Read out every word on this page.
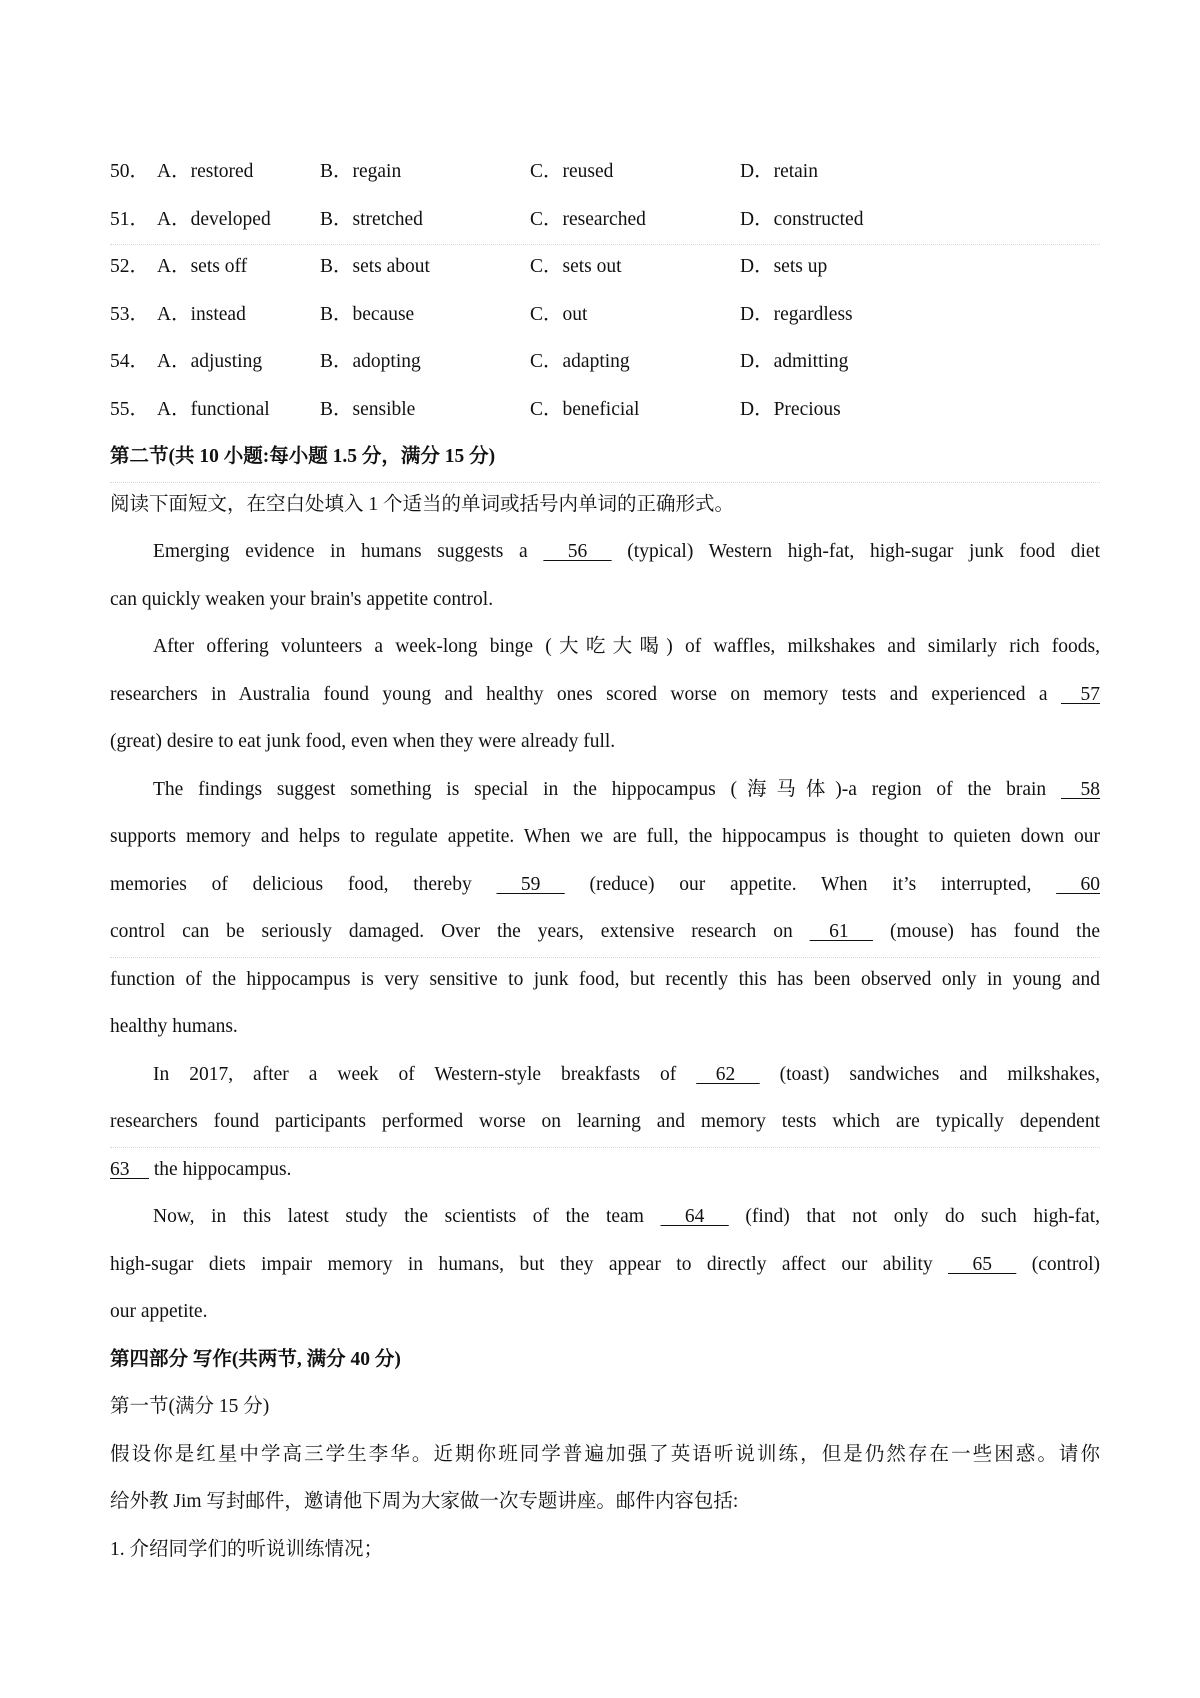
50． A．restored	B．regain	C．reused	D．retain
51． A．developed	B．stretched	C．researched	D．constructed
52． A．sets off	B．sets about	C．sets out	D．sets up
53． A．instead	B．because	C．out	D．regardless
54． A．adjusting	B．adopting	C．adapting	D．admitting
55． A．functional	B．sensible	C．beneficial	D．Precious
第二节(共 10 小题:每小题 1.5 分，满分 15 分)
阅读下面短文，在空白处填入 1 个适当的单词或括号内单词的正确形式。
Emerging evidence in humans suggests a      56      (typical) Western high-fat, high-sugar junk food diet
can quickly weaken your brain's appetite control.
After offering volunteers a week-long binge (大吃大喝) of waffles, milkshakes and similarly rich foods,
researchers in Australia found young and healthy ones scored worse on memory tests and experienced a     57
(great) desire to eat junk food, even when they were already full.
The findings suggest something is special in the hippocampus (海马体)-a region of the brain     58
supports memory and helps to regulate appetite. When we are full, the hippocampus is thought to quieten down our
memories of delicious food, thereby      59      (reduce) our appetite. When it’s interrupted,      60
control can be seriously damaged. Over the years, extensive research on     61      (mouse) has found the
function of the hippocampus is very sensitive to junk food, but recently this has been observed only in young and
healthy humans.
In 2017, after a week of Western-style breakfasts of     62      (toast) sandwiches and milkshakes,
researchers found participants performed worse on learning and memory tests which are typically dependent
63     the hippocampus.
Now, in this latest study the scientists of the team      64      (find) that not only do such high-fat,
high-sugar diets impair memory in humans, but they appear to directly affect our ability      65      (control)
our appetite.
第四部分 写作(共两节, 满分 40 分)
第一节(满分 15 分)
假设你是红星中学高三学生李华。近期你班同学普遍加强了英语听说训练，但是仍然存在一些困惑。请你
给外教 Jim 写封邮件，邀请他下周为大家做一次专题讲座。邮件内容包括:
1. 介绍同学们的听说训练情况；
